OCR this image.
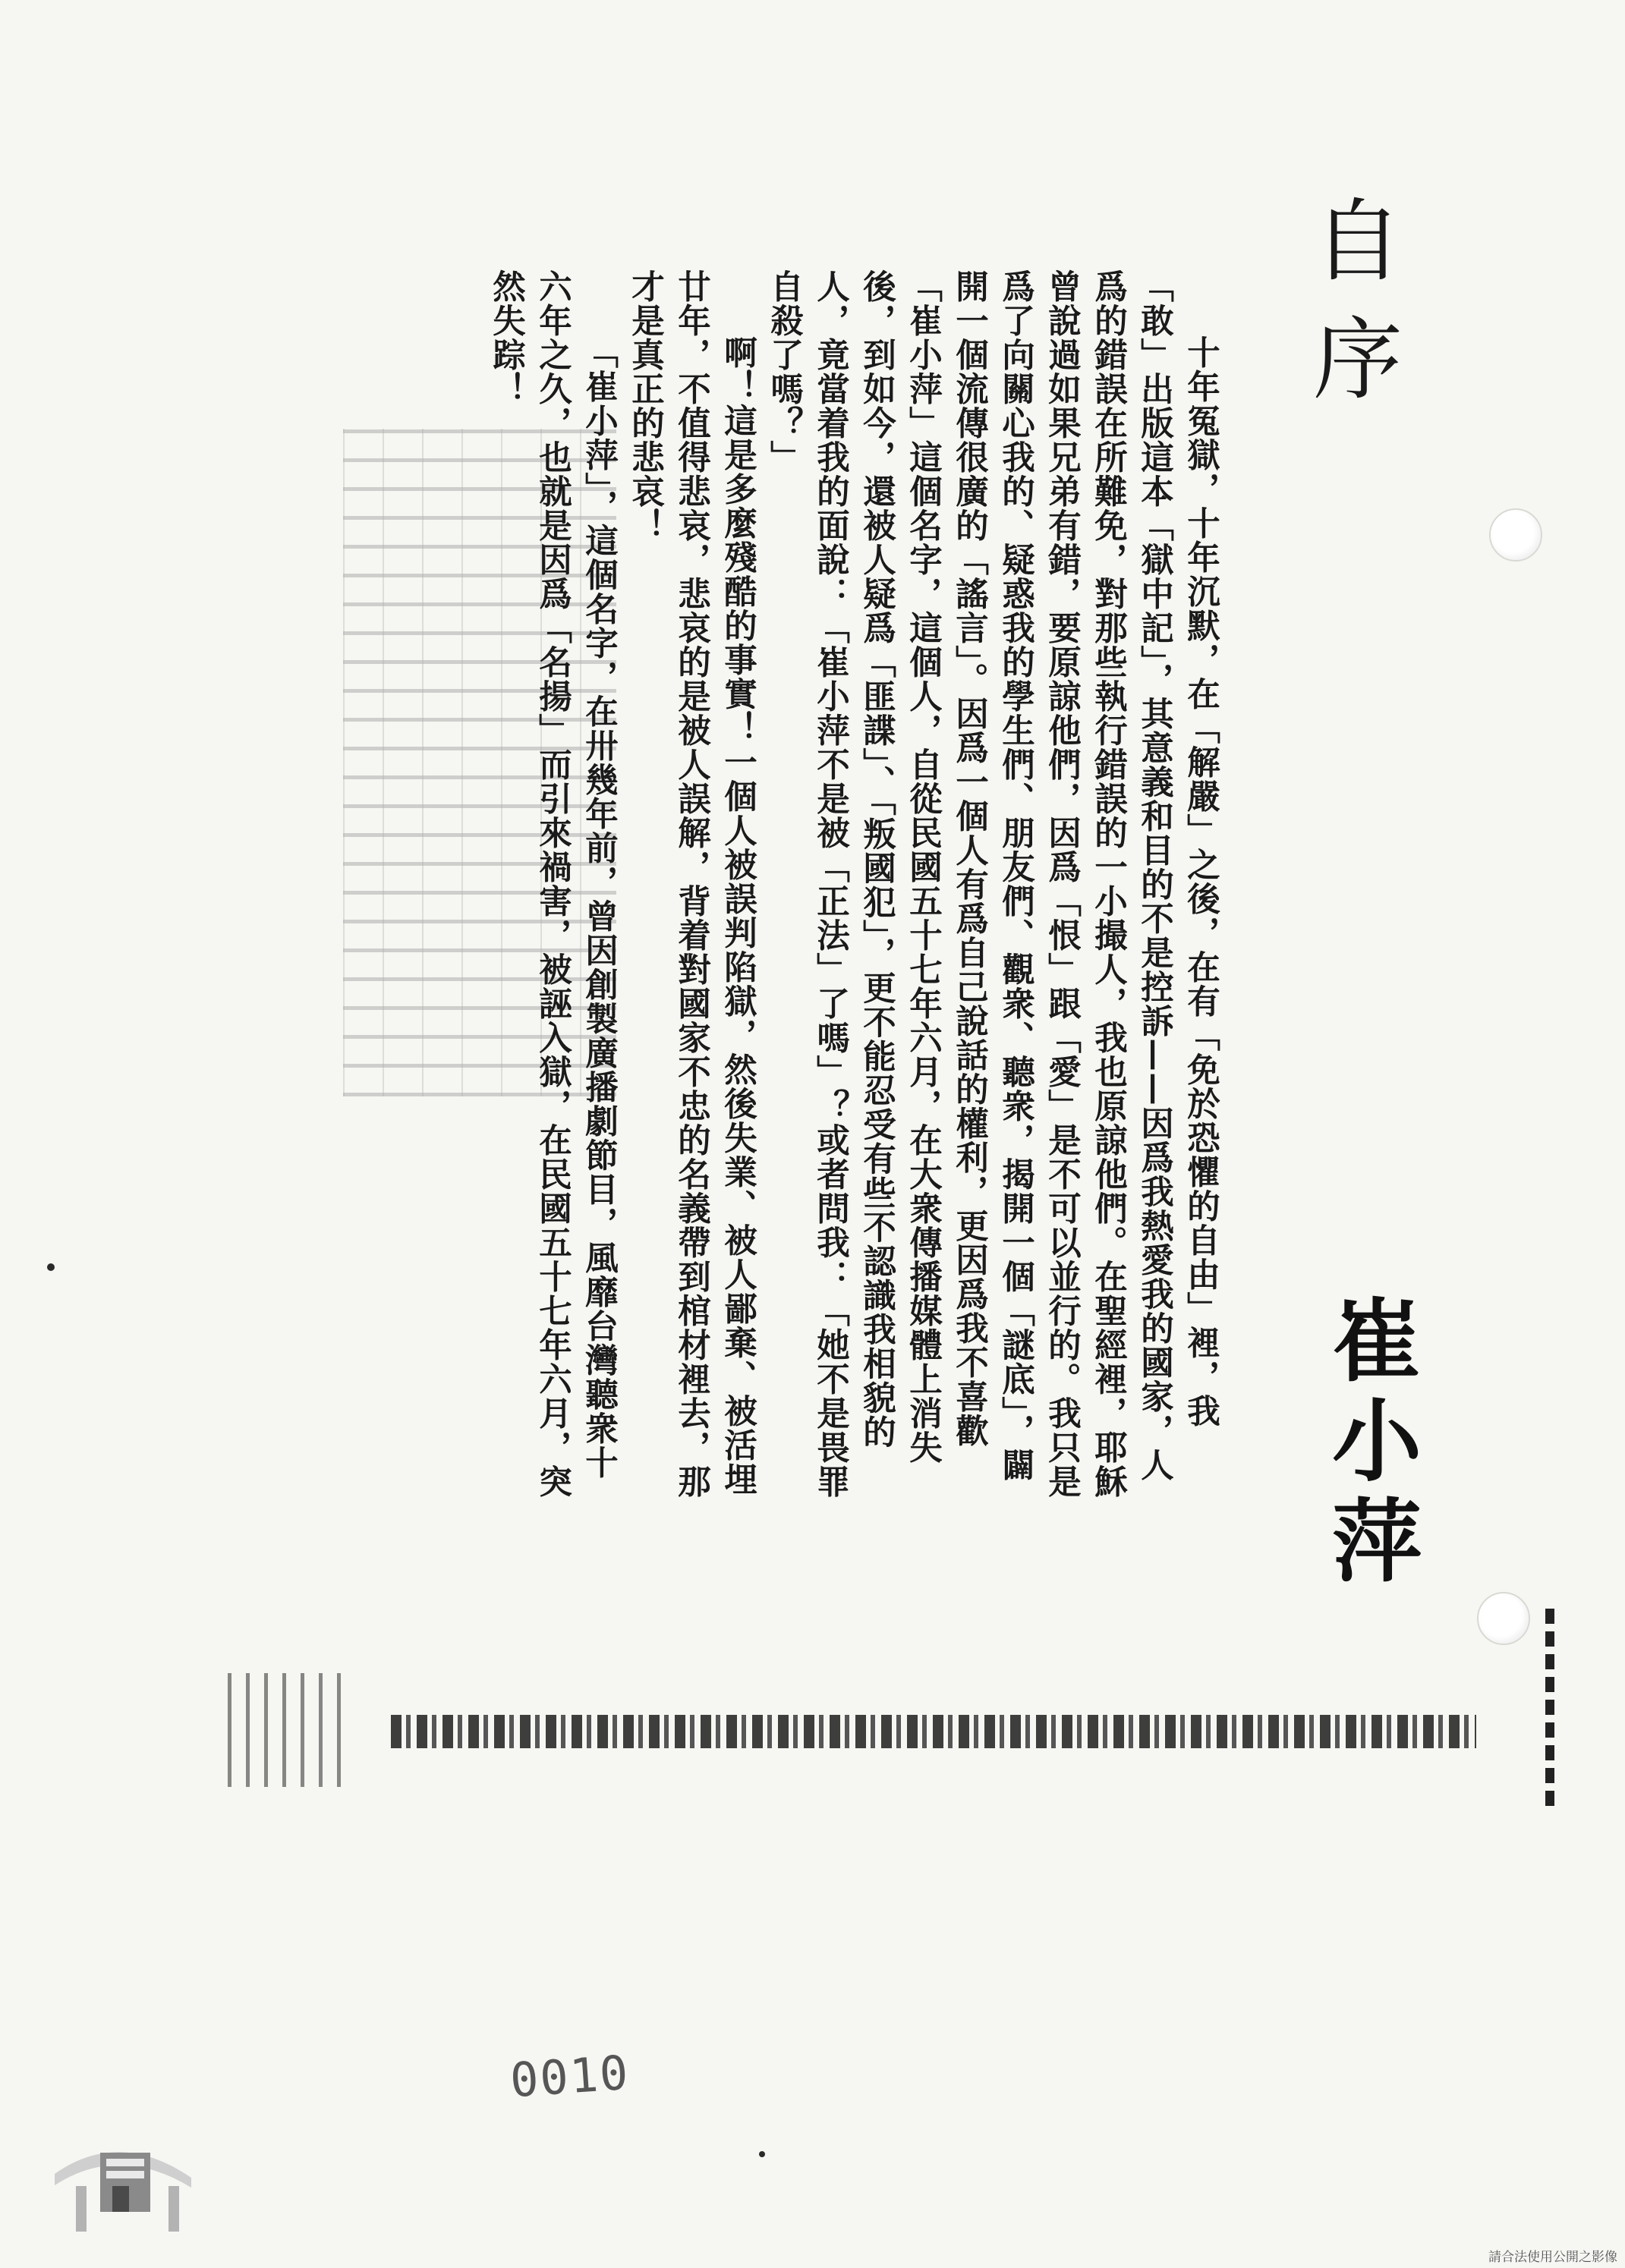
自序

十年冤獄，十年沉默，在「解嚴」之後，在有「免於恐懼的自由」裡，我「敢」出版這本「獄中記」，其意義和目的不是控訴——因爲我熱愛我的國家，人爲的錯誤在所難免，對那些執行錯誤的一小撮人，我也原諒他們。在聖經裡，耶穌曾說過如果兄弟有錯，要原諒他們，因爲「恨」跟「愛」是不可以並行的。我只是爲了向關心我的、疑惑我的學生們、朋友們、觀衆、聽衆，揭開一個「謎底」，闢開一個流傳很廣的「謠言」。因爲一個人有爲自己說話的權利，更因爲我不喜歡「崔小萍」這個名字，這個人，自從民國五十七年六月，在大衆傳播媒體上消失後，到如今，還被人疑爲「匪諜」、「叛國犯」，更不能忍受有些不認識我相貌的人，竟當着我的面說：「崔小萍不是被「正法」了嗎」？或者問我：「她不是畏罪自殺了嗎？」

啊！這是多麼殘酷的事實！一個人被誤判陷獄，然後失業、被人鄙棄、被活埋廿年，不值得悲哀，悲哀的是被人誤解，背着對國家不忠的名義帶到棺材裡去，那才是真正的悲哀！

「崔小萍」，這個名字，在卅幾年前，曾因創製廣播劇節目，風靡台灣聽衆十六年之久，也就是因爲「名揚」而引來禍害，被誣入獄，在民國五十七年六月，突然失踪！

崔小萍
0010
請合法使用公開之影像
